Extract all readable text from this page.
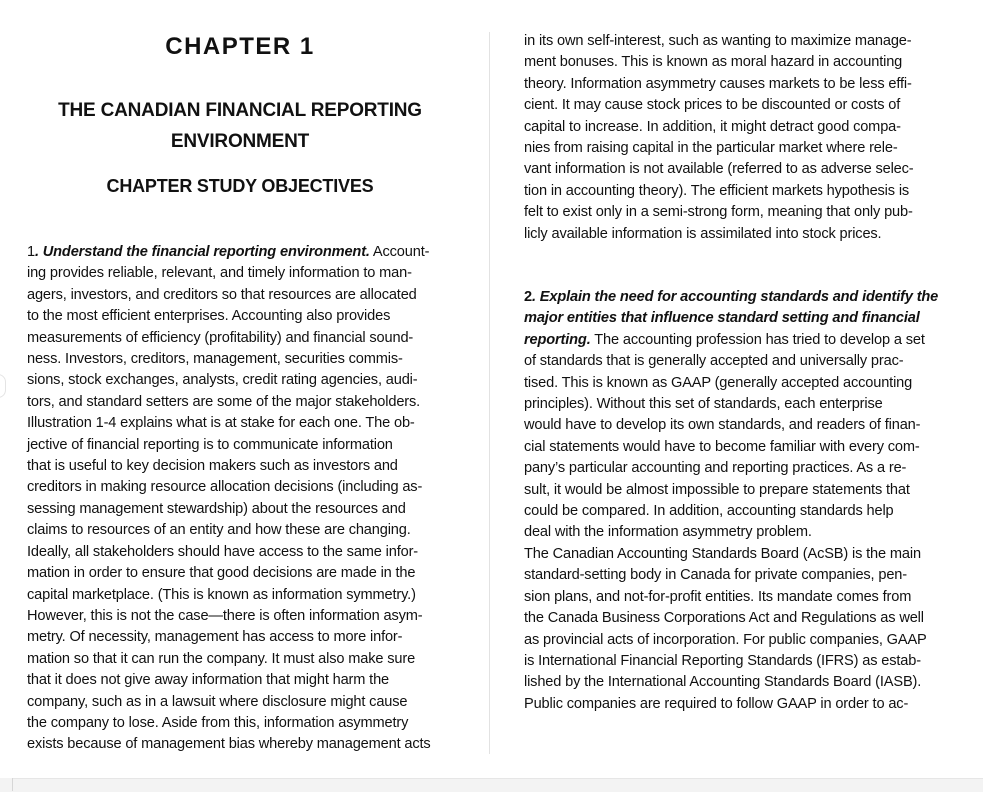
CHAPTER 1
THE CANADIAN FINANCIAL REPORTING
ENVIRONMENT
CHAPTER STUDY OBJECTIVES
1. Understand the financial reporting environment. Account-
ing provides reliable, relevant, and timely information to man-
agers, investors, and creditors so that resources are allocated
to the most efficient enterprises. Accounting also provides
measurements of efficiency (profitability) and financial sound-
ness. Investors, creditors, management, securities commis-
sions, stock exchanges, analysts, credit rating agencies, audi-
tors, and standard setters are some of the major stakeholders.
Illustration 1-4 explains what is at stake for each one. The ob-
jective of financial reporting is to communicate information
that is useful to key decision makers such as investors and
creditors in making resource allocation decisions (including as-
sessing management stewardship) about the resources and
claims to resources of an entity and how these are changing.
Ideally, all stakeholders should have access to the same infor-
mation in order to ensure that good decisions are made in the
capital marketplace. (This is known as information symmetry.)
However, this is not the case—there is often information asym-
metry. Of necessity, management has access to more infor-
mation so that it can run the company. It must also make sure
that it does not give away information that might harm the
company, such as in a lawsuit where disclosure might cause
the company to lose. Aside from this, information asymmetry
exists because of management bias whereby management acts
in its own self-interest, such as wanting to maximize manage-
ment bonuses. This is known as moral hazard in accounting
theory. Information asymmetry causes markets to be less effi-
cient. It may cause stock prices to be discounted or costs of
capital to increase. In addition, it might detract good compa-
nies from raising capital in the particular market where rele-
vant information is not available (referred to as adverse selec-
tion in accounting theory). The efficient markets hypothesis is
felt to exist only in a semi-strong form, meaning that only pub-
licly available information is assimilated into stock prices.
2. Explain the need for accounting standards and identify the
major entities that influence standard setting and financial
reporting. The accounting profession has tried to develop a set
of standards that is generally accepted and universally prac-
tised. This is known as GAAP (generally accepted accounting
principles). Without this set of standards, each enterprise
would have to develop its own standards, and readers of finan-
cial statements would have to become familiar with every com-
pany’s particular accounting and reporting practices. As a re-
sult, it would be almost impossible to prepare statements that
could be compared. In addition, accounting standards help
deal with the information asymmetry problem.
The Canadian Accounting Standards Board (AcSB) is the main
standard-setting body in Canada for private companies, pen-
sion plans, and not-for-profit entities. Its mandate comes from
the Canada Business Corporations Act and Regulations as well
as provincial acts of incorporation. For public companies, GAAP
is International Financial Reporting Standards (IFRS) as estab-
lished by the International Accounting Standards Board (IASB).
Public companies are required to follow GAAP in order to ac-
